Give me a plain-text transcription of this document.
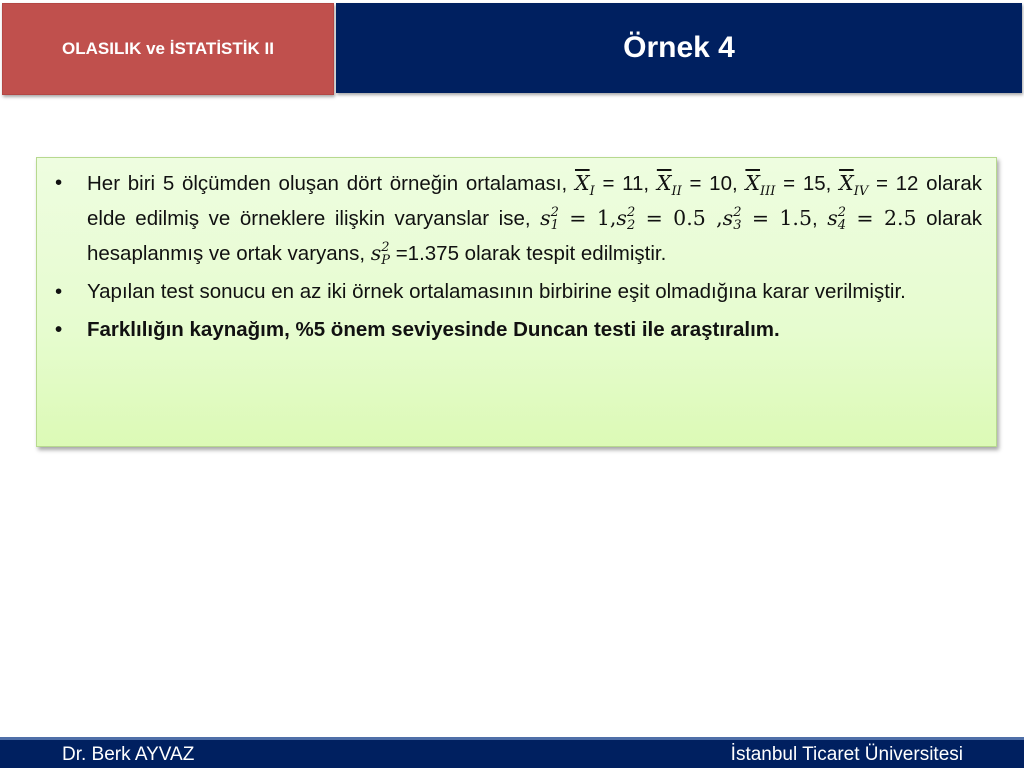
OLASILIK ve İSTATİSTİK II	Örnek 4
• Her biri 5 ölçümden oluşan dört örneğin ortalaması, $\overline{X}_I = 11$, $\overline{X}_{II} = 10$, $\overline{X}_{III} = 15$, $\overline{X}_{IV} = 12$ olarak elde edilmiş ve örneklere ilişkin varyanslar ise, s 2
1 = 1,s 2
2 = 0.5 ,s 2
3 = 1.5, s 2
4 = 2.5 olarak hesaplanmış ve ortak varyans, s 2
P =1.375 olarak tespit edilmiştir.
• Yapılan test sonucu en az iki örnek ortalamasının birbirine eşit olmadığına karar verilmiştir.
• Farklılığın kaynağım, %5 önem seviyesinde Duncan testi ile araştıralım.
Dr. Berk AYVAZ	İstanbul Ticaret Üniversitesi
